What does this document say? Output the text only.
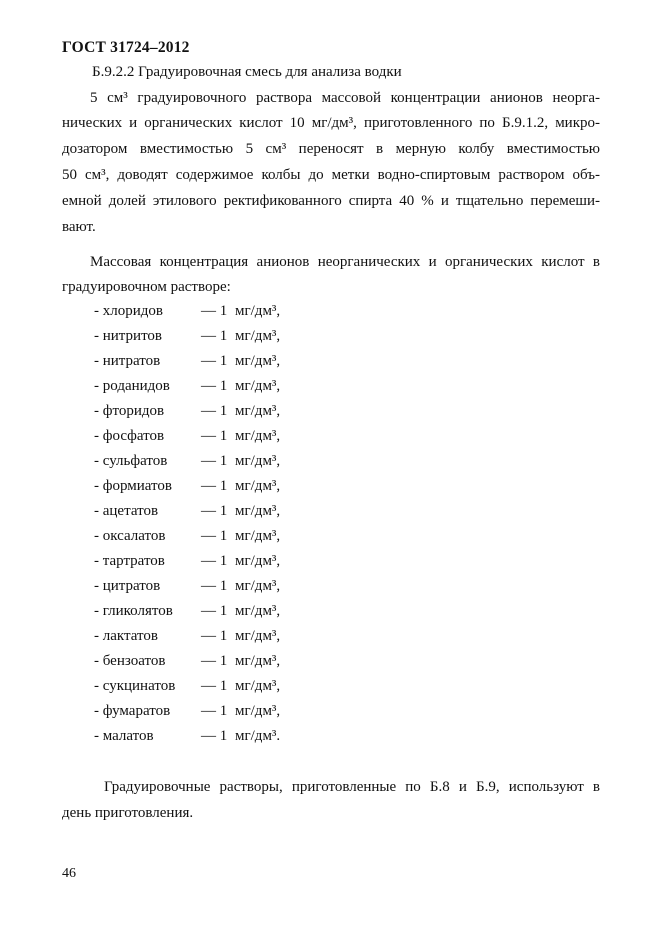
ГОСТ 31724–2012
Б.9.2.2 Градуировочная смесь для анализа водки
5 см³ градуировочного раствора массовой концентрации анионов неорга-
нических и органических кислот 10 мг/дм³, приготовленного по Б.9.1.2, микро-
дозатором вместимостью 5 см³ переносят в мерную колбу вместимостью
50 см³, доводят содержимое колбы до метки водно-спиртовым раствором объ-
емной долей этилового ректификованного спирта 40 % и тщательно перемеши-
вают.
Массовая концентрация анионов неорганических и органических кислот в
градуировочном растворе:
- хлоридов	— 1 мг/дм³,
- нитритов	— 1 мг/дм³,
- нитратов	— 1 мг/дм³,
- роданидов — 1 мг/дм³,
- фторидов — 1 мг/дм³,
- фосфатов — 1 мг/дм³,
- сульфатов — 1 мг/дм³,
- формиатов — 1 мг/дм³,
- ацетатов	— 1 мг/дм³,
- оксалатов — 1 мг/дм³,
- тартратов — 1 мг/дм³,
- цитратов	— 1 мг/дм³,
- гликолятов — 1 мг/дм³,
- лактатов	— 1 мг/дм³,
- бензоатов — 1 мг/дм³,
- сукцинатов — 1 мг/дм³,
- фумаратов — 1 мг/дм³,
- малатов	— 1 мг/дм³.
Градуировочные растворы, приготовленные по Б.8 и Б.9, используют в
день приготовления.
46
